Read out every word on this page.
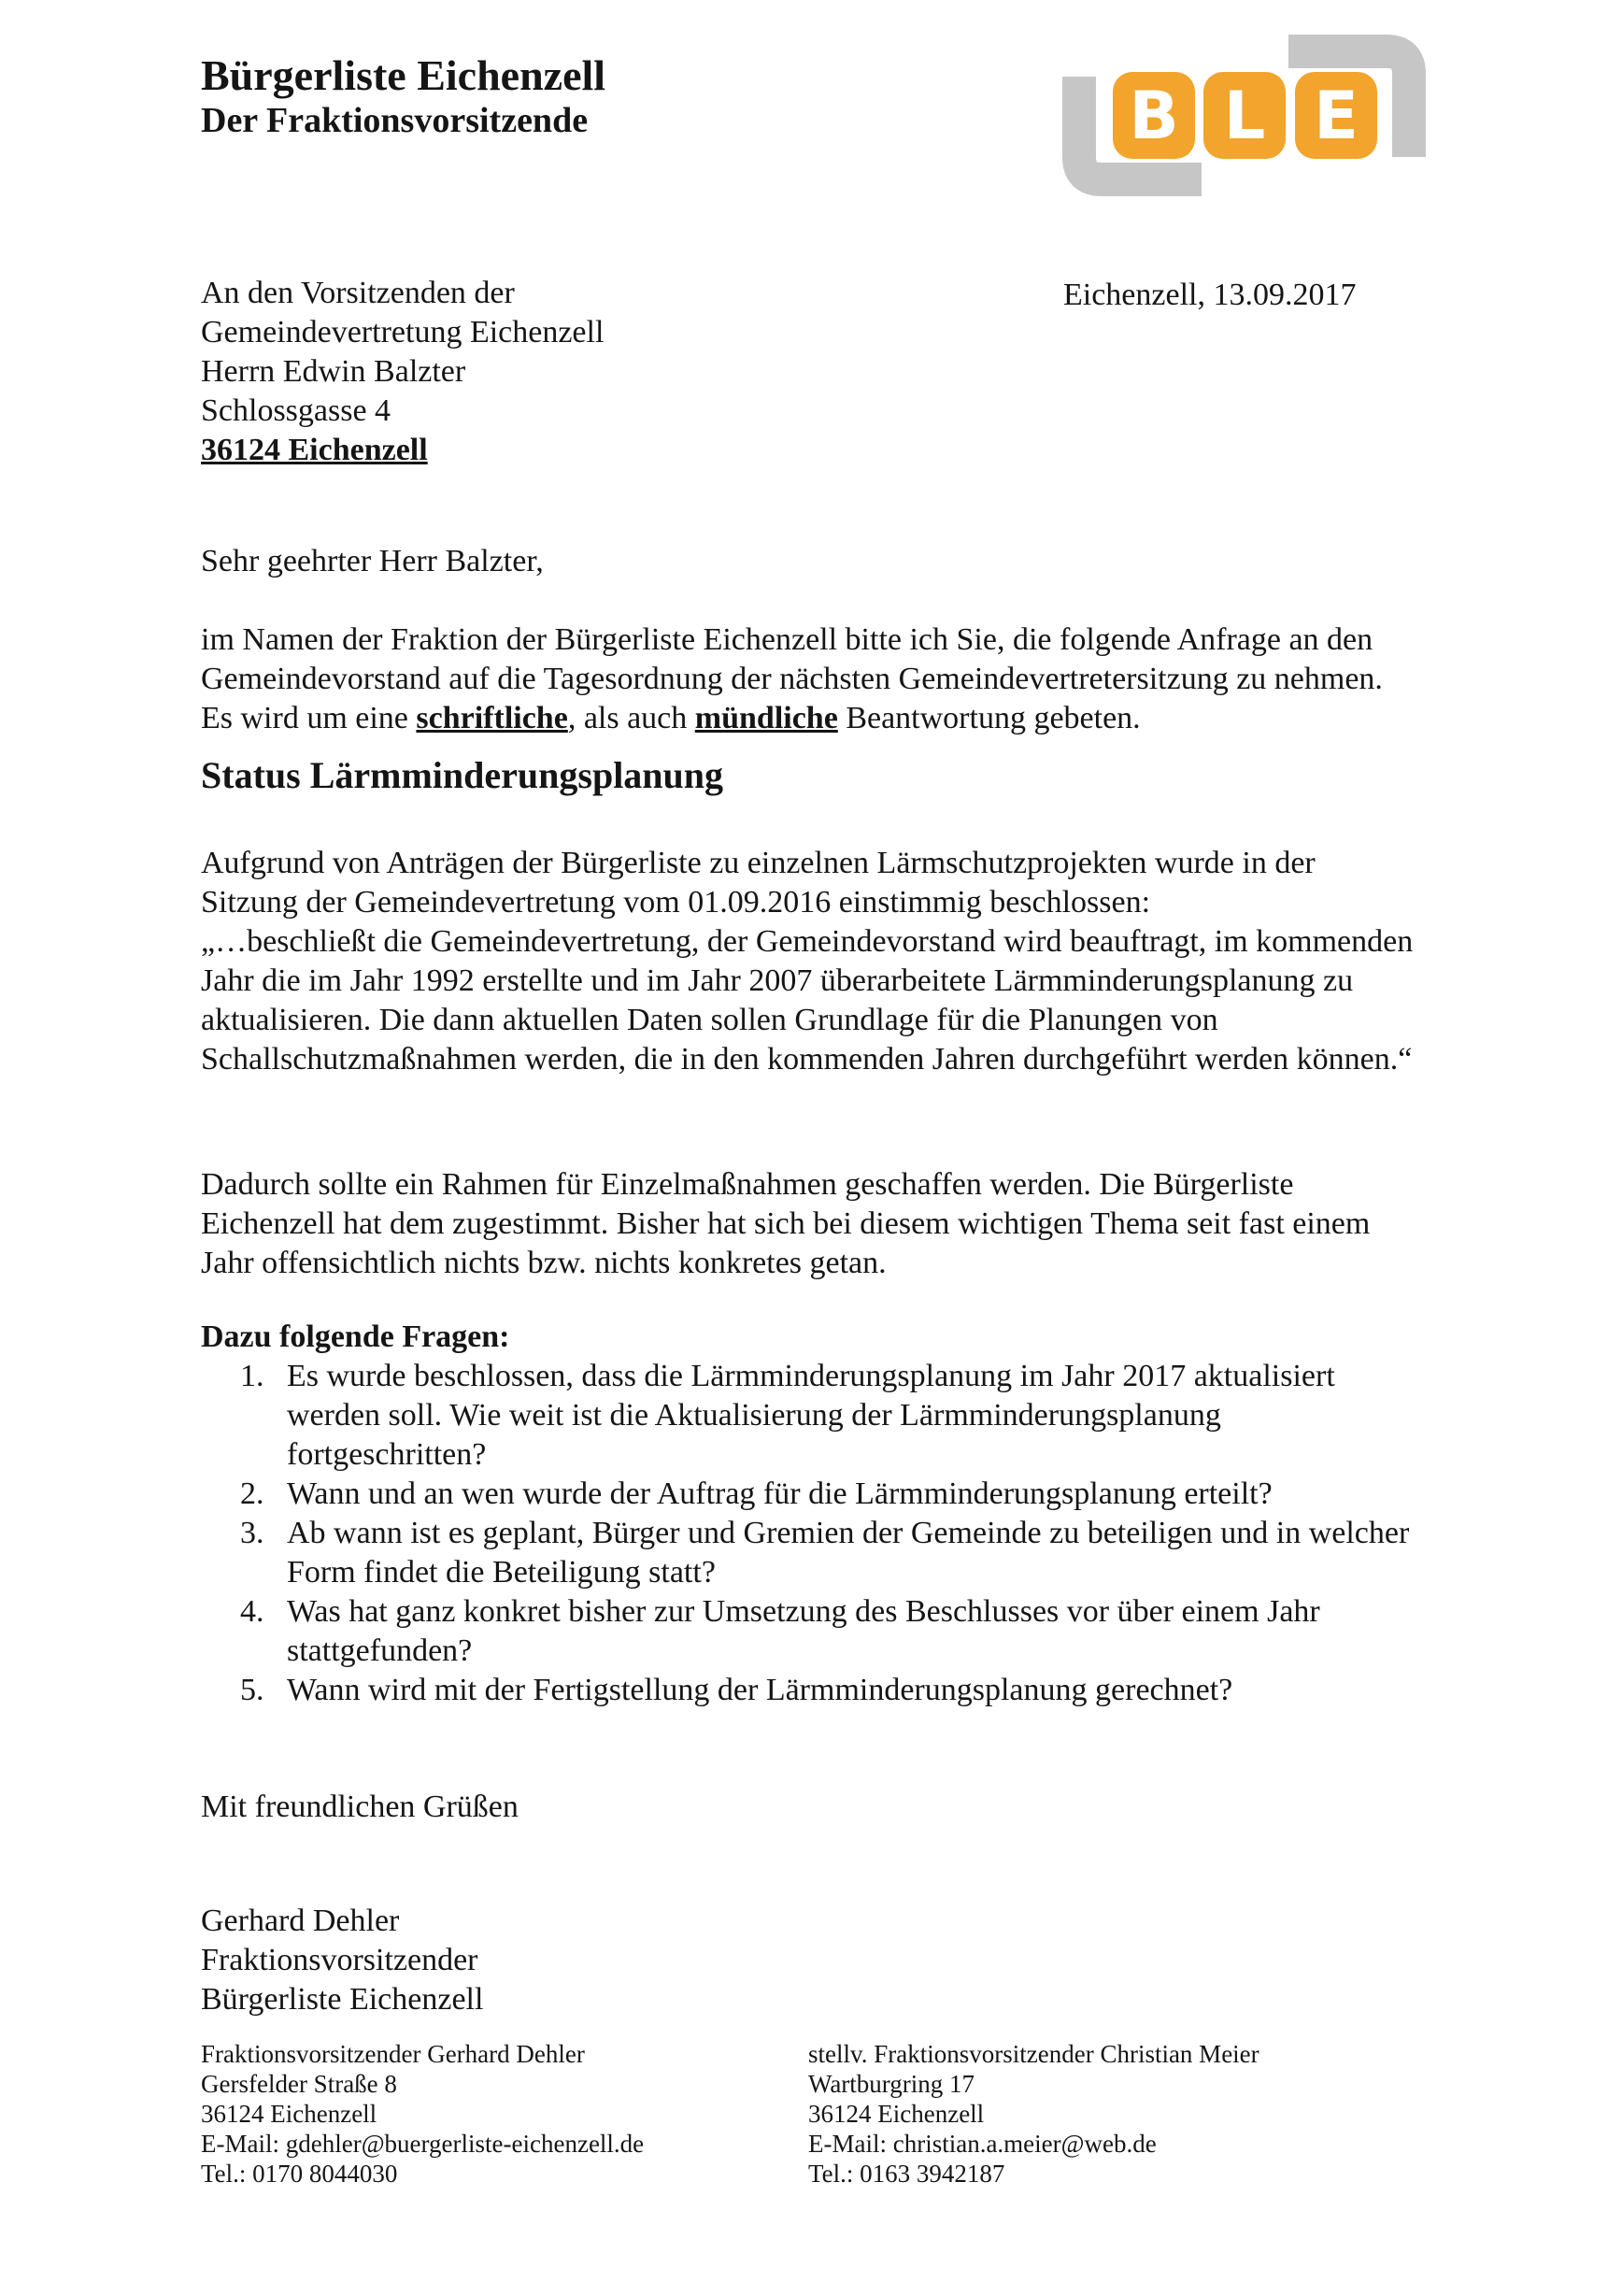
Bürgerliste Eichenzell
Der Fraktionsvorsitzende	B L E
Eichenzell, 13.09.2017
An den Vorsitzenden der
Gemeindevertretung Eichenzell
Herrn Edwin Balzter
Schlossgasse 4
36124 Eichenzell
Sehr geehrter Herr Balzter,
im Namen der Fraktion der Bürgerliste Eichenzell bitte ich Sie, die folgende Anfrage an den Gemeindevorstand auf die Tagesordnung der nächsten Gemeindevertretersitzung zu nehmen. Es wird um eine schriftliche, als auch mündliche Beantwortung gebeten.
Status Lärmminderungsplanung
Aufgrund von Anträgen der Bürgerliste zu einzelnen Lärmschutzprojekten wurde in der Sitzung der Gemeindevertretung vom 01.09.2016 einstimmig beschlossen:
„…beschließt die Gemeindevertretung, der Gemeindevorstand wird beauftragt, im kommenden Jahr die im Jahr 1992 erstellte und im Jahr 2007 überarbeitete Lärmminderungsplanung zu aktualisieren. Die dann aktuellen Daten sollen Grundlage für die Planungen von Schallschutzmaßnahmen werden, die in den kommenden Jahren durchgeführt werden können.“
Dadurch sollte ein Rahmen für Einzelmaßnahmen geschaffen werden. Die Bürgerliste Eichenzell hat dem zugestimmt. Bisher hat sich bei diesem wichtigen Thema seit fast einem Jahr offensichtlich nichts bzw. nichts konkretes getan.
Dazu folgende Fragen:
1. Es wurde beschlossen, dass die Lärmminderungsplanung im Jahr 2017 aktualisiert werden soll. Wie weit ist die Aktualisierung der Lärmminderungsplanung fortgeschritten?
2. Wann und an wen wurde der Auftrag für die Lärmminderungsplanung erteilt?
3. Ab wann ist es geplant, Bürger und Gremien der Gemeinde zu beteiligen und in welcher Form findet die Beteiligung statt?
4. Was hat ganz konkret bisher zur Umsetzung des Beschlusses vor über einem Jahr stattgefunden?
5. Wann wird mit der Fertigstellung der Lärmminderungsplanung gerechnet?
Mit freundlichen Grüßen
Gerhard Dehler
Fraktionsvorsitzender
Bürgerliste Eichenzell
Fraktionsvorsitzender Gerhard Dehler
Gersfelder Straße 8
36124 Eichenzell
E-Mail: gdehler@buergerliste-eichenzell.de
Tel.: 0170 8044030
stellv. Fraktionsvorsitzender Christian Meier
Wartburgring 17
36124 Eichenzell
E-Mail: christian.a.meier@web.de
Tel.: 0163 3942187
